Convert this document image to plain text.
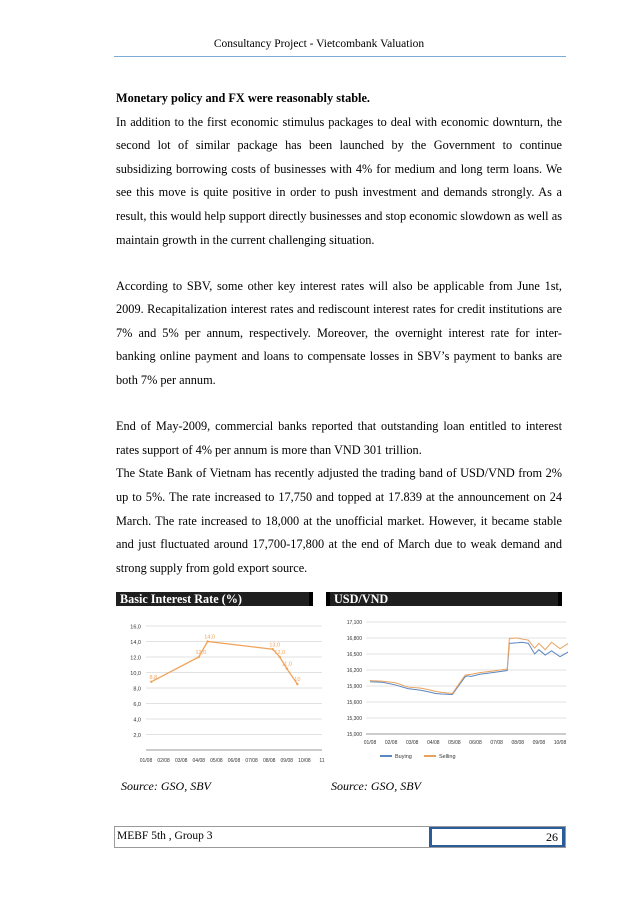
Consultancy Project - Vietcombank Valuation

Monetary policy and FX were reasonably stable.

In addition to the first economic stimulus packages to deal with economic downturn, the second lot of similar package has been launched by the Government to continue subsidizing borrowing costs of businesses with 4% for medium and long term loans. We see this move is quite positive in order to push investment and demands strongly. As a result, this would help support directly businesses and stop economic slowdown as well as maintain growth in the current challenging situation.

According to SBV, some other key interest rates will also be applicable from June 1st, 2009. Recapitalization interest rates and rediscount interest rates for credit institutions are 7% and 5% per annum, respectively. Moreover, the overnight interest rate for inter-banking online payment and loans to compensate losses in SBV’s payment to banks are both 7% per annum.

End of May-2009, commercial banks reported that outstanding loan entitled to interest rates support of 4% per annum is more than VND 301 trillion.

The State Bank of Vietnam has recently adjusted the trading band of USD/VND from 2% up to 5%. The rate increased to 17,750 and topped at 17.839 at the announcement on 24 March. The rate increased to 18,000 at the unofficial market. However, it became stable and just fluctuated around 17,700-17,800 at the end of March due to weak demand and strong supply from gold export source.

Basic Interest Rate (%)	USD/VND
2,0
4,0
6,0
8,0
10,0
12,0
14,0
16,0
01/08 02/08 03/08 04/08 05/08 06/08 07/08 08/08 09/08 10/08 11
8,8
12,0
14,0
13,0
12,0
11,0
10
15,000
15,300
15,600
15,900
16,200
16,500
16,800
17,100
01/08 02/08 03/08 04/08 05/08 06/08 07/08 08/08 09/08 10/08
Buying	Selling
Source: GSO, SBV	Source: GSO, SBV
MEBF 5th , Group 3	26
